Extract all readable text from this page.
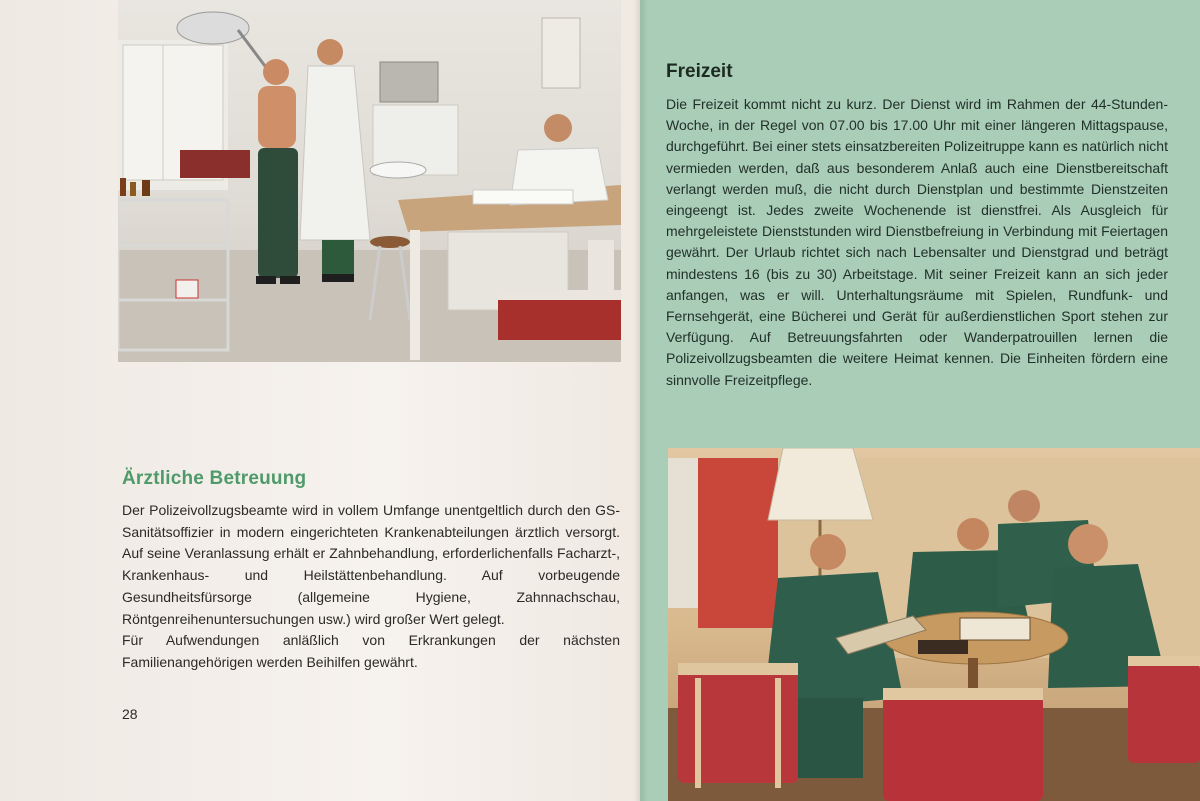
Ärztliche Betreuung

Der Polizeivollzugsbeamte wird in vollem Umfange unentgeltlich durch den GS-Sanitätsoffizier in modern eingerichteten Krankenabteilungen ärztlich versorgt. Auf seine Veranlassung erhält er Zahnbehandlung, erforderlichenfalls Facharzt-, Krankenhaus- und Heilstättenbehandlung. Auf vorbeugende Gesundheitsfürsorge (allgemeine Hygiene, Zahnnachschau, Röntgenreihenuntersuchungen usw.) wird großer Wert gelegt.

Für Aufwendungen anläßlich von Erkrankungen der nächsten Familienangehörigen werden Beihilfen gewährt.

28
Freizeit

Die Freizeit kommt nicht zu kurz. Der Dienst wird im Rahmen der 44-Stunden-Woche, in der Regel von 07.00 bis 17.00 Uhr mit einer längeren Mittagspause, durchgeführt. Bei einer stets einsatzbereiten Polizeitruppe kann es natürlich nicht vermieden werden, daß aus besonderem Anlaß auch eine Dienstbereitschaft verlangt werden muß, die nicht durch Dienstplan und bestimmte Dienstzeiten eingeengt ist. Jedes zweite Wochenende ist dienstfrei. Als Ausgleich für mehrgeleistete Dienststunden wird Dienstbefreiung in Verbindung mit Feiertagen gewährt. Der Urlaub richtet sich nach Lebensalter und Dienstgrad und beträgt mindestens 16 (bis zu 30) Arbeitstage. Mit seiner Freizeit kann an sich jeder anfangen, was er will. Unterhaltungsräume mit Spielen, Rundfunk- und Fernsehgerät, eine Bücherei und Gerät für außerdienstlichen Sport stehen zur Verfügung. Auf Betreuungsfahrten oder Wanderpatrouillen lernen die Polizeivollzugsbeamten die weitere Heimat kennen. Die Einheiten fördern eine sinnvolle Freizeitpflege.
